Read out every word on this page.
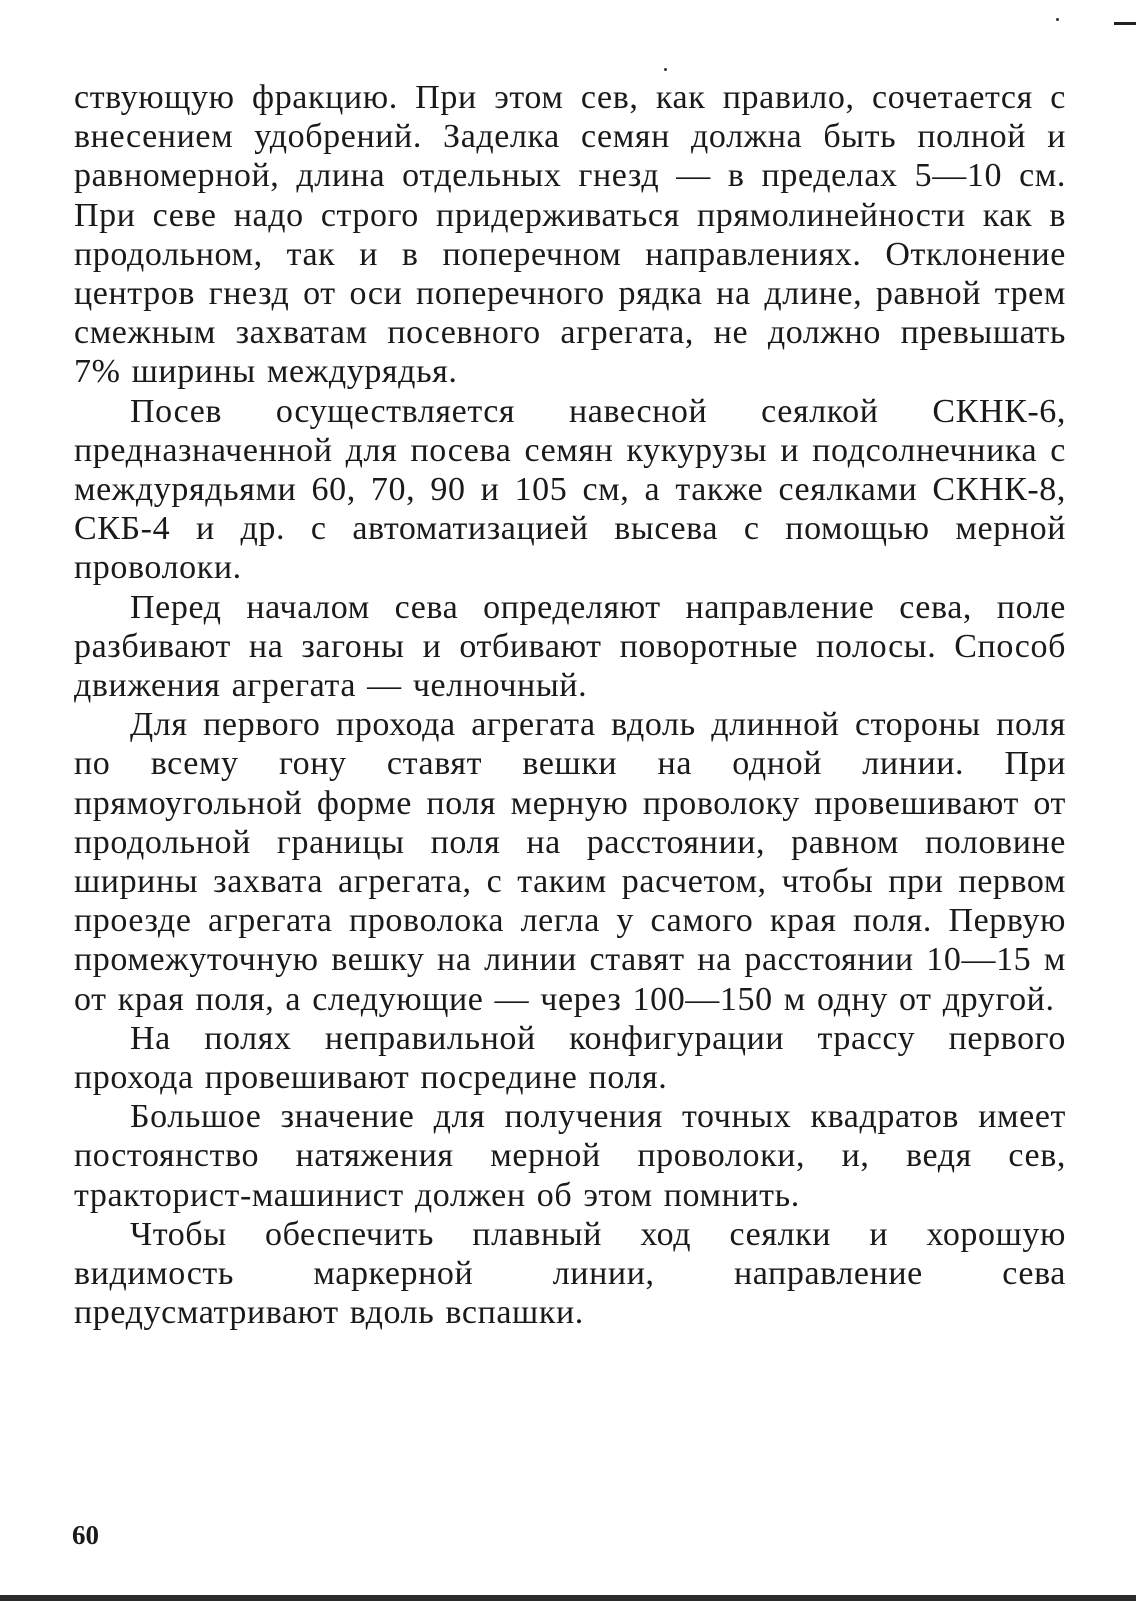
ствующую фракцию. При этом сев, как правило, сочетается с внесением удобрений. Заделка семян должна быть полной и равномерной, длина отдельных гнезд — в пределах 5—10 см. При севе надо строго придерживаться прямолинейности как в продольном, так и в поперечном направлениях. Отклонение центров гнезд от оси поперечного рядка на длине, равной трем смежным захватам посевного агрегата, не должно превышать 7% ширины междурядья.

Посев осуществляется навесной сеялкой СКНК-6, предназначенной для посева семян кукурузы и подсолнечника с междурядьями 60, 70, 90 и 105 см, а также сеялками СКНК-8, СКБ-4 и др. с автоматизацией высева с помощью мерной проволоки.

Перед началом сева определяют направление сева, поле разбивают на загоны и отбивают поворотные полосы. Способ движения агрегата — челночный.

Для первого прохода агрегата вдоль длинной стороны поля по всему гону ставят вешки на одной линии. При прямоугольной форме поля мерную проволоку провешивают от продольной границы поля на расстоянии, равном половине ширины захвата агрегата, с таким расчетом, чтобы при первом проезде агрегата проволока легла у самого края поля. Первую промежуточную вешку на линии ставят на расстоянии 10—15 м от края поля, а следующие — через 100—150 м одну от другой.

На полях неправильной конфигурации трассу первого прохода провешивают посредине поля.

Большое значение для получения точных квадратов имеет постоянство натяжения мерной проволоки, и, ведя сев, тракторист-машинист должен об этом помнить.

Чтобы обеспечить плавный ход сеялки и хорошую видимость маркерной линии, направление сева предусматривают вдоль вспашки.

60
